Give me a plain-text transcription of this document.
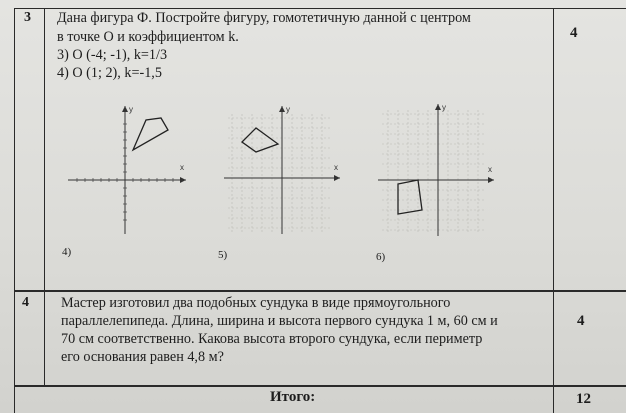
3 Дана фигура Ф. Постройте фигуру, гомотетичную данной с центром
в точке O и коэффициентом k.
3) O (-4; -1), k=1/3
4) O (1; 2), k=-1,5
4
x
y
4)
x
y
5)
x
y
6)
4 Мастер изготовил два подобных сундука в виде прямоугольного
параллелепипеда. Длина, ширина и высота первого сундука 1 м, 60 см и
70 см соответственно. Какова высота второго сундука, если периметр
его основания равен 4,8 м?
4
Итого:	12
